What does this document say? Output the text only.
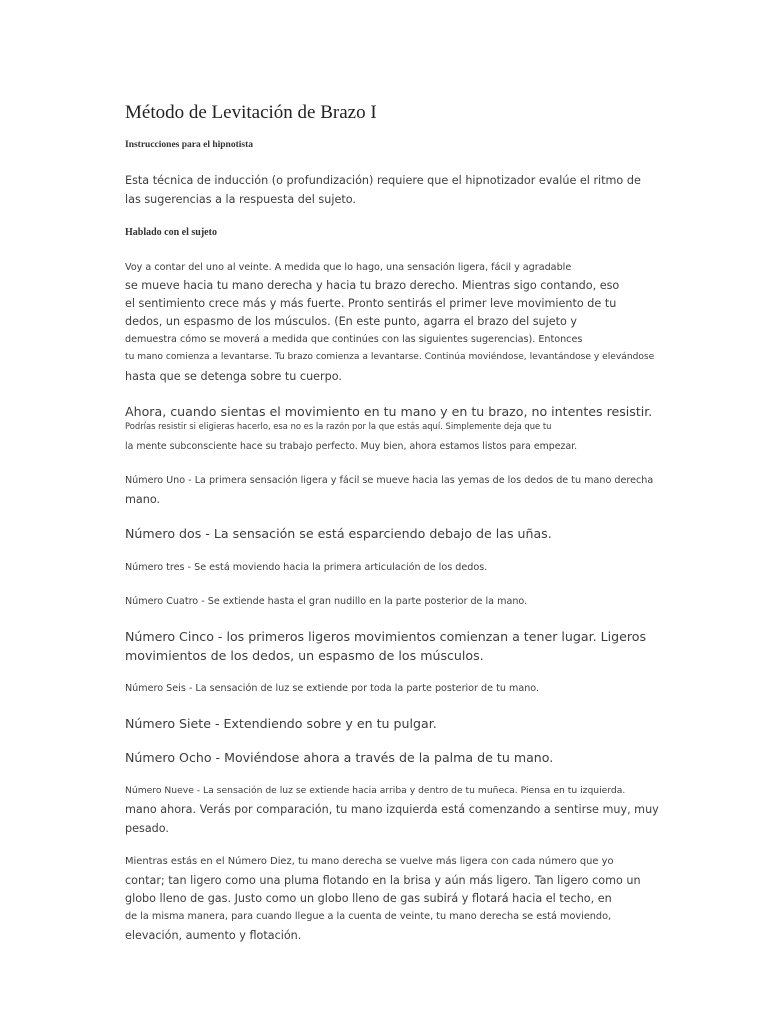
Método de Levitación de Brazo I
Instrucciones para el hipnotista
Esta técnica de inducción (o profundización) requiere que el hipnotizador evalúe el ritmo de
las sugerencias a la respuesta del sujeto.
Hablado con el sujeto
Voy a contar del uno al veinte. A medida que lo hago, una sensación ligera, fácil y agradable
se mueve hacia tu mano derecha y hacia tu brazo derecho. Mientras sigo contando, eso
el sentimiento crece más y más fuerte. Pronto sentirás el primer leve movimiento de tu
dedos, un espasmo de los músculos. (En este punto, agarra el brazo del sujeto y
demuestra cómo se moverá a medida que continúes con las siguientes sugerencias). Entonces
tu mano comienza a levantarse. Tu brazo comienza a levantarse. Continúa moviéndose, levantándose y elevándose
hasta que se detenga sobre tu cuerpo.
Ahora, cuando sientas el movimiento en tu mano y en tu brazo, no intentes resistir.
Podrías resistir si eligieras hacerlo, esa no es la razón por la que estás aquí. Simplemente deja que tu
la mente subconsciente hace su trabajo perfecto. Muy bien, ahora estamos listos para empezar.
Número Uno - La primera sensación ligera y fácil se mueve hacia las yemas de los dedos de tu mano derecha
mano.
Número dos - La sensación se está esparciendo debajo de las uñas.
Número tres - Se está moviendo hacia la primera articulación de los dedos.
Número Cuatro - Se extiende hasta el gran nudillo en la parte posterior de la mano.
Número Cinco - los primeros ligeros movimientos comienzan a tener lugar. Ligeros
movimientos de los dedos, un espasmo de los músculos.
Número Seis - La sensación de luz se extiende por toda la parte posterior de tu mano.
Número Siete - Extendiendo sobre y en tu pulgar.
Número Ocho - Moviéndose ahora a través de la palma de tu mano.
Número Nueve - La sensación de luz se extiende hacia arriba y dentro de tu muñeca. Piensa en tu izquierda.
mano ahora. Verás por comparación, tu mano izquierda está comenzando a sentirse muy, muy
pesado.
Mientras estás en el Número Diez, tu mano derecha se vuelve más ligera con cada número que yo
contar; tan ligero como una pluma flotando en la brisa y aún más ligero. Tan ligero como un
globo lleno de gas. Justo como un globo lleno de gas subirá y flotará hacia el techo, en
de la misma manera, para cuando llegue a la cuenta de veinte, tu mano derecha se está moviendo,
elevación, aumento y flotación.
